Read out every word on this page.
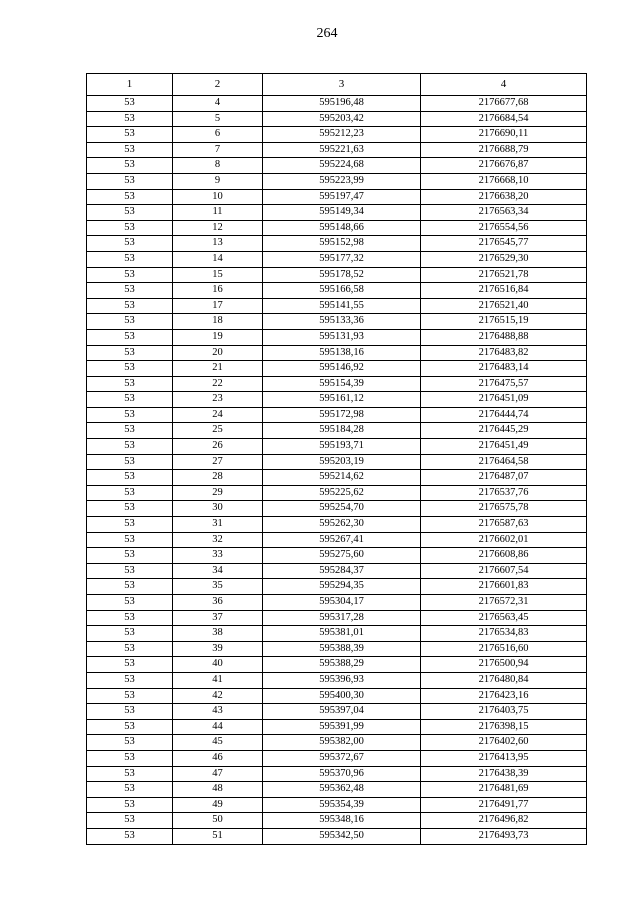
264
1	2	3	4
53	4	595196,48	2176677,68
53	5	595203,42	2176684,54
53	6	595212,23	2176690,11
53	7	595221,63	2176688,79
53	8	595224,68	2176676,87
53	9	595223,99	2176668,10
53	10	595197,47	2176638,20
53	11	595149,34	2176563,34
53	12	595148,66	2176554,56
53	13	595152,98	2176545,77
53	14	595177,32	2176529,30
53	15	595178,52	2176521,78
53	16	595166,58	2176516,84
53	17	595141,55	2176521,40
53	18	595133,36	2176515,19
53	19	595131,93	2176488,88
53	20	595138,16	2176483,82
53	21	595146,92	2176483,14
53	22	595154,39	2176475,57
53	23	595161,12	2176451,09
53	24	595172,98	2176444,74
53	25	595184,28	2176445,29
53	26	595193,71	2176451,49
53	27	595203,19	2176464,58
53	28	595214,62	2176487,07
53	29	595225,62	2176537,76
53	30	595254,70	2176575,78
53	31	595262,30	2176587,63
53	32	595267,41	2176602,01
53	33	595275,60	2176608,86
53	34	595284,37	2176607,54
53	35	595294,35	2176601,83
53	36	595304,17	2176572,31
53	37	595317,28	2176563,45
53	38	595381,01	2176534,83
53	39	595388,39	2176516,60
53	40	595388,29	2176500,94
53	41	595396,93	2176480,84
53	42	595400,30	2176423,16
53	43	595397,04	2176403,75
53	44	595391,99	2176398,15
53	45	595382,00	2176402,60
53	46	595372,67	2176413,95
53	47	595370,96	2176438,39
53	48	595362,48	2176481,69
53	49	595354,39	2176491,77
53	50	595348,16	2176496,82
53	51	595342,50	2176493,73
